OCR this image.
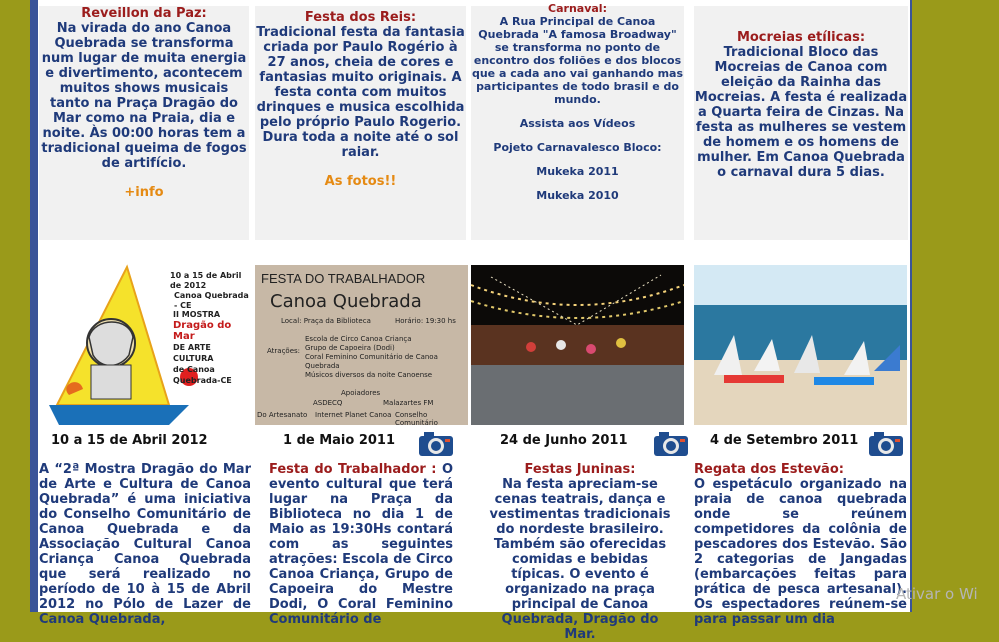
Reveillon da Paz:

Na virada do ano Canoa Quebrada se transforma num lugar de muita energia e divertimento, acontecem muitos shows musicais tanto na Praça Dragão do Mar como na Praia, dia e noite. Às 00:00 horas tem a tradicional queima de fogos de artifício.

+info

Festa dos Reis:

Tradicional festa da fantasia criada por Paulo Rogério à 27 anos, cheia de cores e fantasias muito originais. A festa conta com muitos drinques e musica escolhida pelo próprio Paulo Rogerio. Dura toda a noite até o sol raiar.

As fotos!!

Carnaval:

A Rua Principal de Canoa Quebrada "A famosa Broadway" se transforma no ponto de encontro dos foliões e dos blocos que a cada ano vai ganhando mas participantes de todo brasil e do mundo.

Assista aos Vídeos

Pojeto Carnavalesco Bloco:

Mukeka 2011

Mukeka 2010

Mocreias etílicas:

Tradicional Bloco das Mocreias de Canoa com eleição da Rainha das Mocreias. A festa é realizada a Quarta feira de Cinzas. Na festa as mulheres se vestem de homem e os homens de mulher. Em Canoa Quebrada o carnaval dura 5 dias.

10 a 15 de Abril de 2012
Canoa Quebrada - CE
II MOSTRA
Dragão do Mar
DE ARTE CULTURA
de Canoa Quebrada-CE
FESTA DO TRABALHADOR
Canoa Quebrada
Local: Praça da Biblioteca	Horário: 19:30 hs
Atrações:
Escola de Circo Canoa Criança
Grupo de Capoeira (Dodi)
Coral Feminino Comunitário de Canoa Quebrada
Músicos diversos da noite Canoense
Apoiadores
ASDECQ	Malazartes FM
Do Artesanato Internet Planet Canoa Conselho Comunitário
10 a 15 de Abril 2012	1 de Maio 2011	24 de Junho 2011	4 de Setembro 2011
A “2ª Mostra Dragão do Mar de Arte e Cultura de Canoa Quebrada” é uma iniciativa do Conselho Comunitário de Canoa Quebrada e da Associação Cultural Canoa Criança Canoa Quebrada que será realizado no período de 10 à 15 de Abril 2012 no Pólo de Lazer de Canoa Quebrada,
Festa do Trabalhador : O evento cultural que terá lugar na Praça da Biblioteca no dia 1 de Maio as 19:30Hs contará com as seguintes atrações: Escola de Circo Canoa Criança, Grupo de Capoeira do Mestre Dodi, O Coral Feminino Comunitário de
Festas Juninas:
Na festa apreciam-se cenas teatrais, dança e vestimentas tradicionais do nordeste brasileiro. Também são oferecidas comidas e bebidas típicas. O evento é organizado na praça principal de Canoa Quebrada, Dragão do Mar.
Regata dos Estevão:
O espetáculo organizado na praia de canoa quebrada onde se reúnem competidores da colônia de pescadores dos Estevão. São 2 categorias de Jangadas (embarcações feitas para prática de pesca artesanal). Os espectadores reúnem-se para passar um dia
Ativar o Wi
